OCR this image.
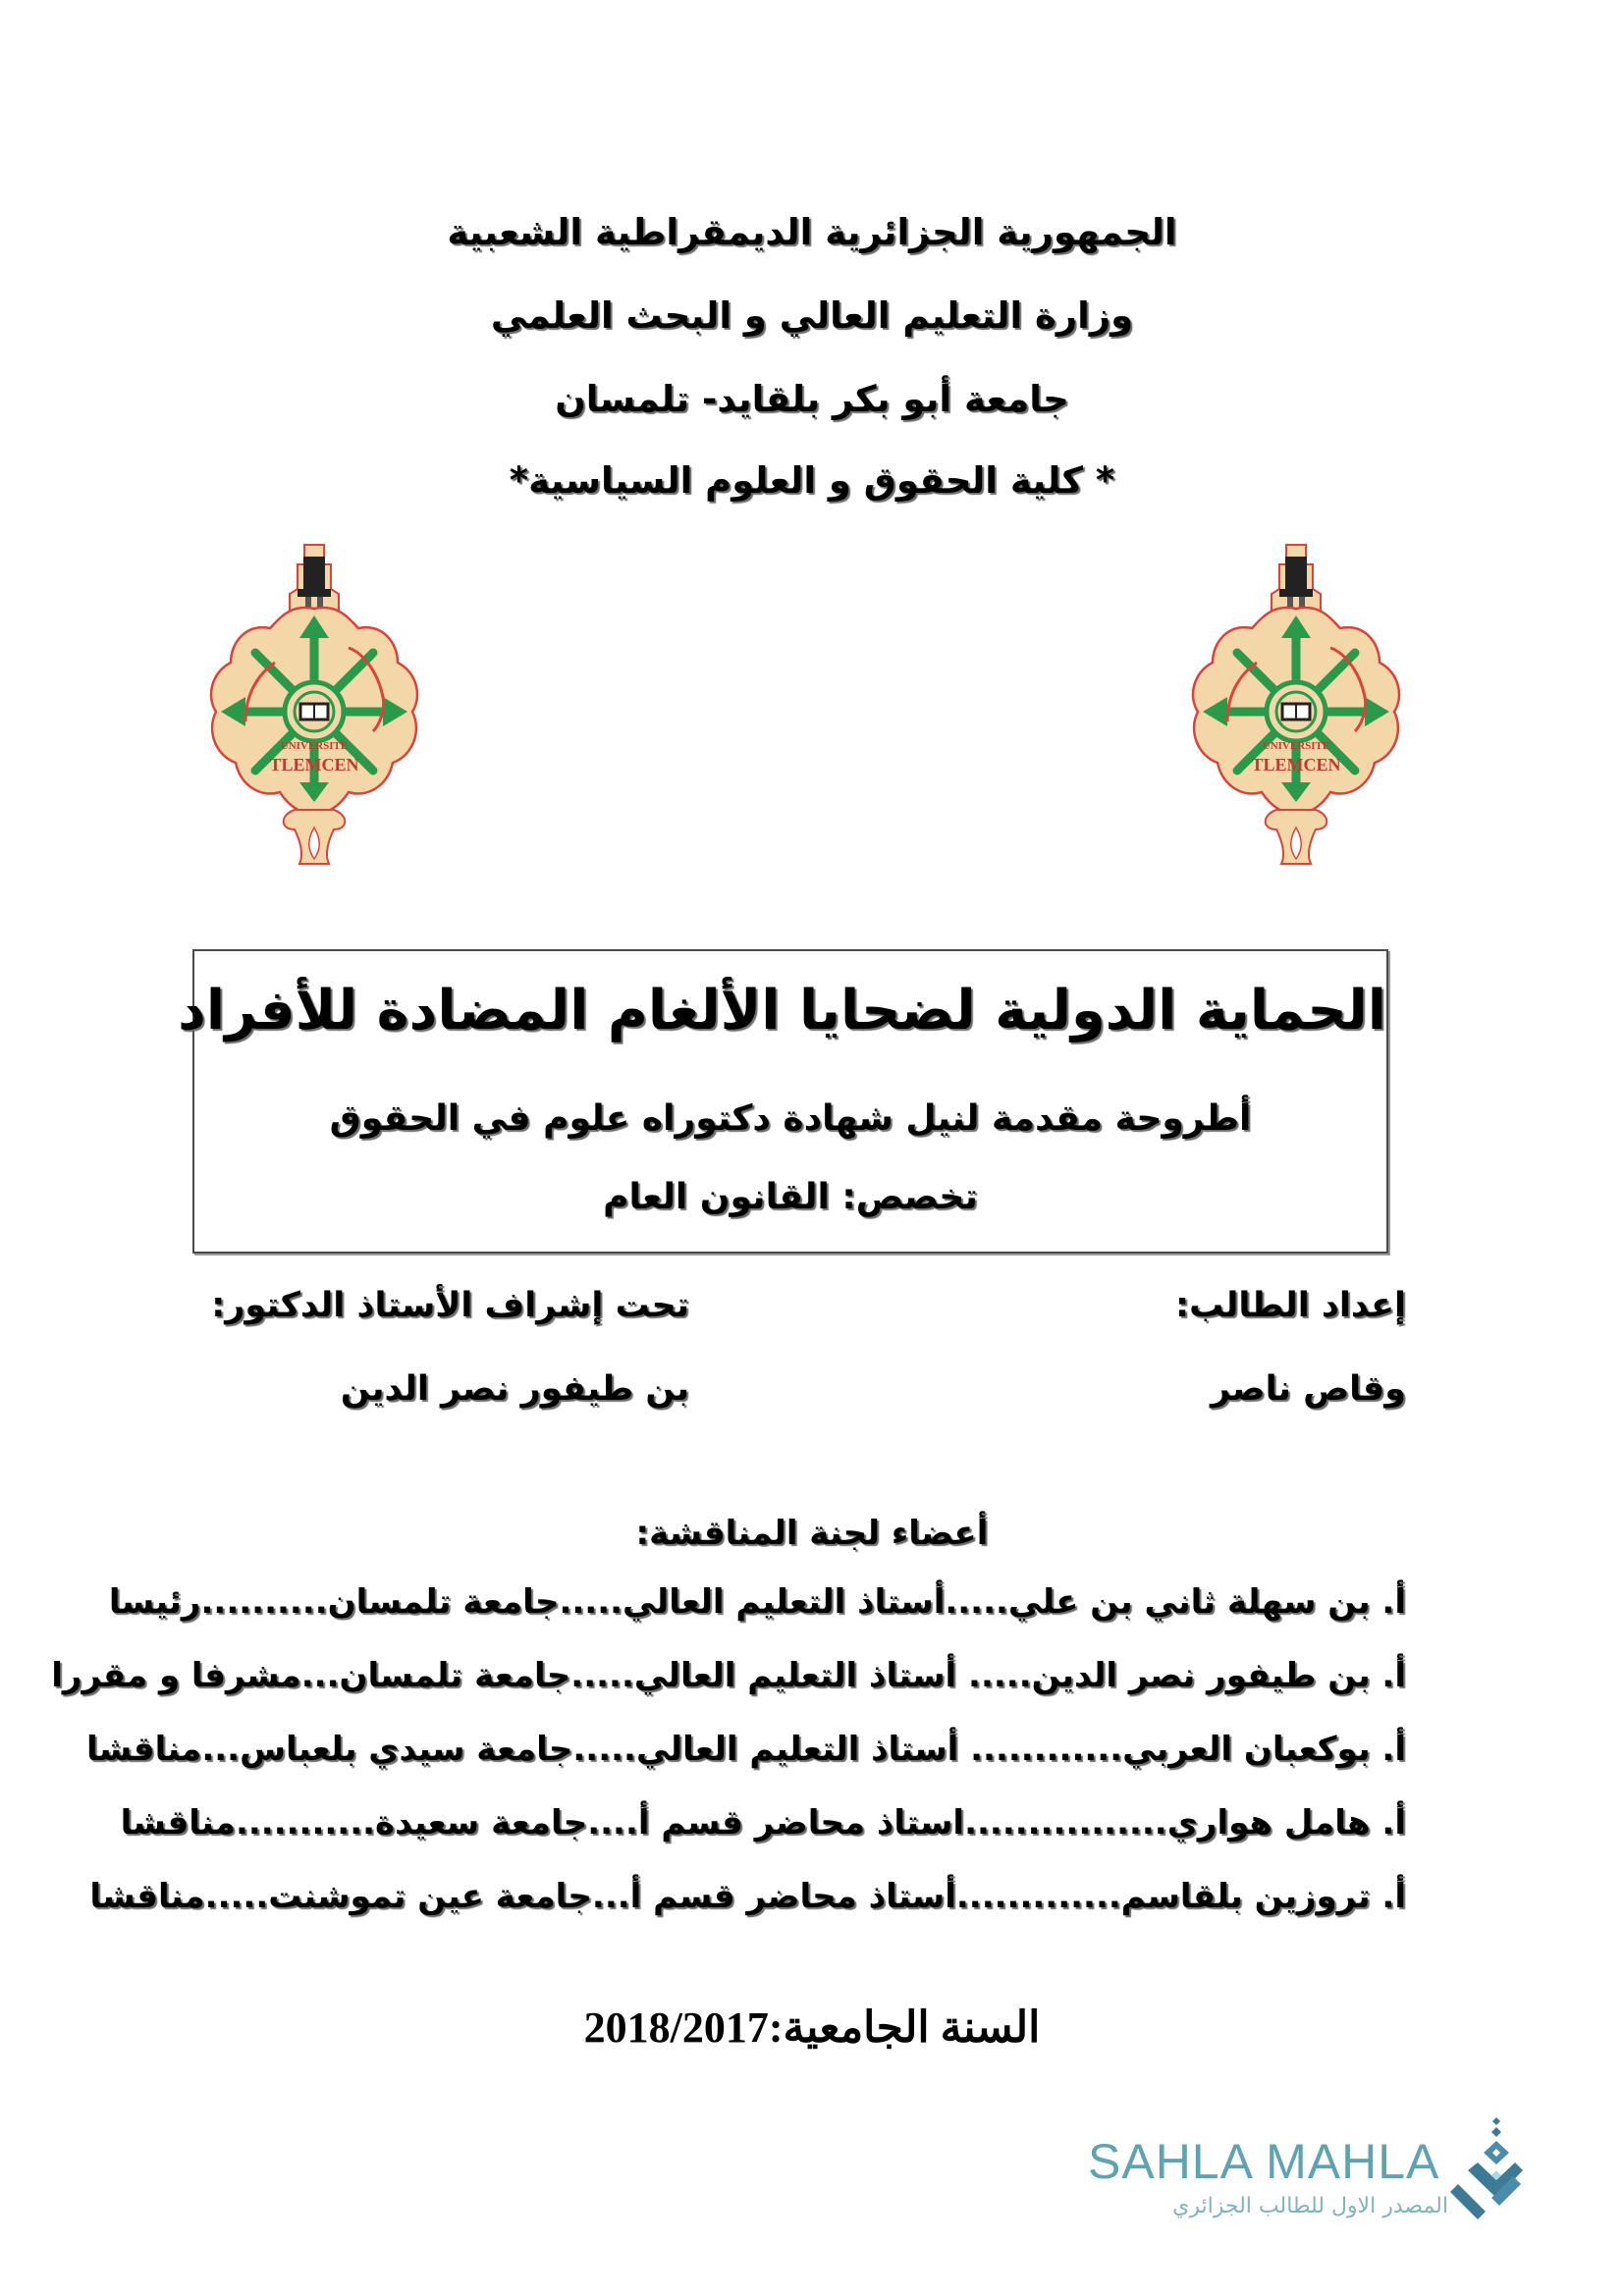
الجمهورية الجزائرية الديمقراطية الشعبية
وزارة التعليم العالي و البحث العلمي
جامعة أبو بكر بلقايد- تلمسان
* كلية الحقوق و العلوم السياسية*
UNIVERSITE
TLEMCEN
UNIVERSITE
TLEMCEN
الحماية الدولية لضحايا الألغام المضادة للأفراد
أطروحة مقدمة لنيل شهادة دكتوراه علوم في الحقوق
تخصص: القانون العام
إعداد الطالب:
وقاص ناصر
تحت إشراف الأستاذ الدكتور:
بن طيفور نصر الدين
أعضاء لجنة المناقشة:
أ. بن سهلة ثاني بن علي.....أستاذ التعليم العالي.....جامعة تلمسان..........رئيسا
أ. بن طيفور نصر الدين..... أستاذ التعليم العالي.....جامعة تلمسان...مشرفا و مقررا
أ. بوكعبان العربي............ أستاذ التعليم العالي.....جامعة سيدي بلعباس...مناقشا
أ. هامل هواري................استاذ محاضر قسم أ....جامعة سعيدة...........مناقشا
أ. تروزين بلقاسم.............أستاذ محاضر قسم أ...جامعة عين تموشنت.....مناقشا
السنة الجامعية:2018/2017
SAHLA MAHLA
المصدر الاول للطالب الجزائري
